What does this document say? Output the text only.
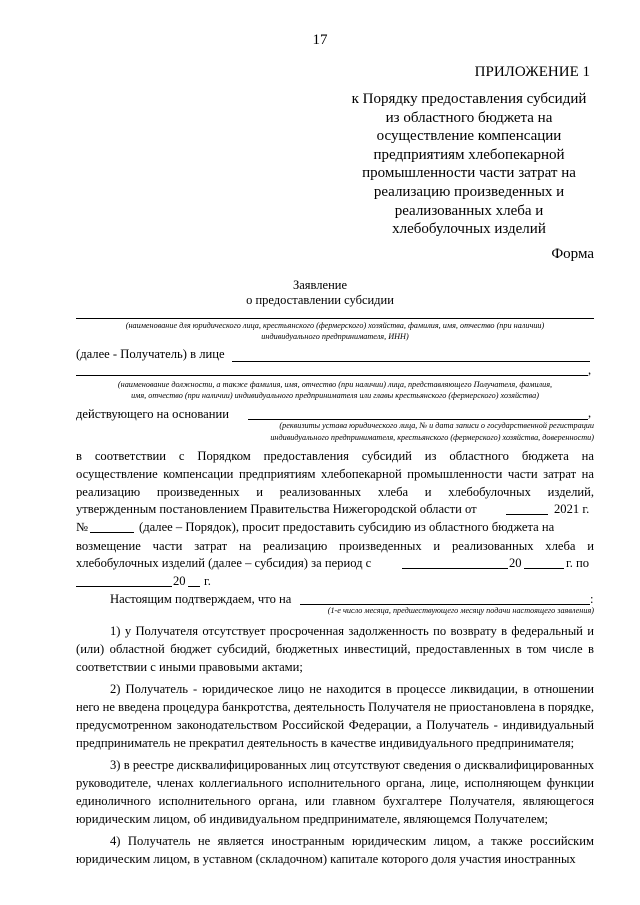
17
ПРИЛОЖЕНИЕ 1
к Порядку предоставления субсидий
из областного бюджета на
осуществление компенсации
предприятиям хлебопекарной
промышленности части затрат на
реализацию произведенных и
реализованных хлеба и
хлебобулочных изделий
Форма
Заявление
о предоставлении субсидии
(наименование для юридического лица, крестьянского (фермерского) хозяйства, фамилия, имя, отчество (при наличии)
индивидуального предпринимателя, ИНН)
(далее - Получатель) в лице
,
(наименование должности, а также фамилия, имя, отчество (при наличии) лица, представляющего Получателя, фамилия,
имя, отчество (при наличии) индивидуального предпринимателя или главы крестьянского (фермерского) хозяйства)
действующего на основании	,
(реквизиты устава юридического лица, № и дата записи о государственной регистрации
индивидуального предпринимателя, крестьянского (фермерского) хозяйства, доверенности)
в соответствии с Порядком предоставления субсидий из областного бюджета на
осуществление компенсации предприятиям хлебопекарной промышленности части затрат на
реализацию произведенных и реализованных хлеба и хлебобулочных изделий,
утвержденным постановлением Правительства Нижегородской области от	2021 г.
№	(далее – Порядок), просит предоставить субсидию из областного бюджета на
возмещение части затрат на реализацию произведенных и реализованных хлеба и
хлебобулочных изделий (далее – субсидия) за период с	20	г. по
20 г.
Настоящим подтверждаем, что на	:
(1-е число месяца, предшествующего месяцу подачи настоящего заявления)
1) у Получателя отсутствует просроченная задолженность по возврату в федеральный и (или) областной бюджет субсидий, бюджетных инвестиций, предоставленных в том числе в соответствии с иными правовыми актами;
2) Получатель - юридическое лицо не находится в процессе ликвидации, в отношении него не введена процедура банкротства, деятельность Получателя не приостановлена в порядке, предусмотренном законодательством Российской Федерации, а Получатель - индивидуальный предприниматель не прекратил деятельность в качестве индивидуального предпринимателя;
3) в реестре дисквалифицированных лиц отсутствуют сведения о дисквалифицированных руководителе, членах коллегиального исполнительного органа, лице, исполняющем функции единоличного исполнительного органа, или главном бухгалтере Получателя, являющегося юридическим лицом, об индивидуальном предпринимателе, являющемся Получателем;
4) Получатель не является иностранным юридическим лицом, а также российским юридическим лицом, в уставном (складочном) капитале которого доля участия иностранных
